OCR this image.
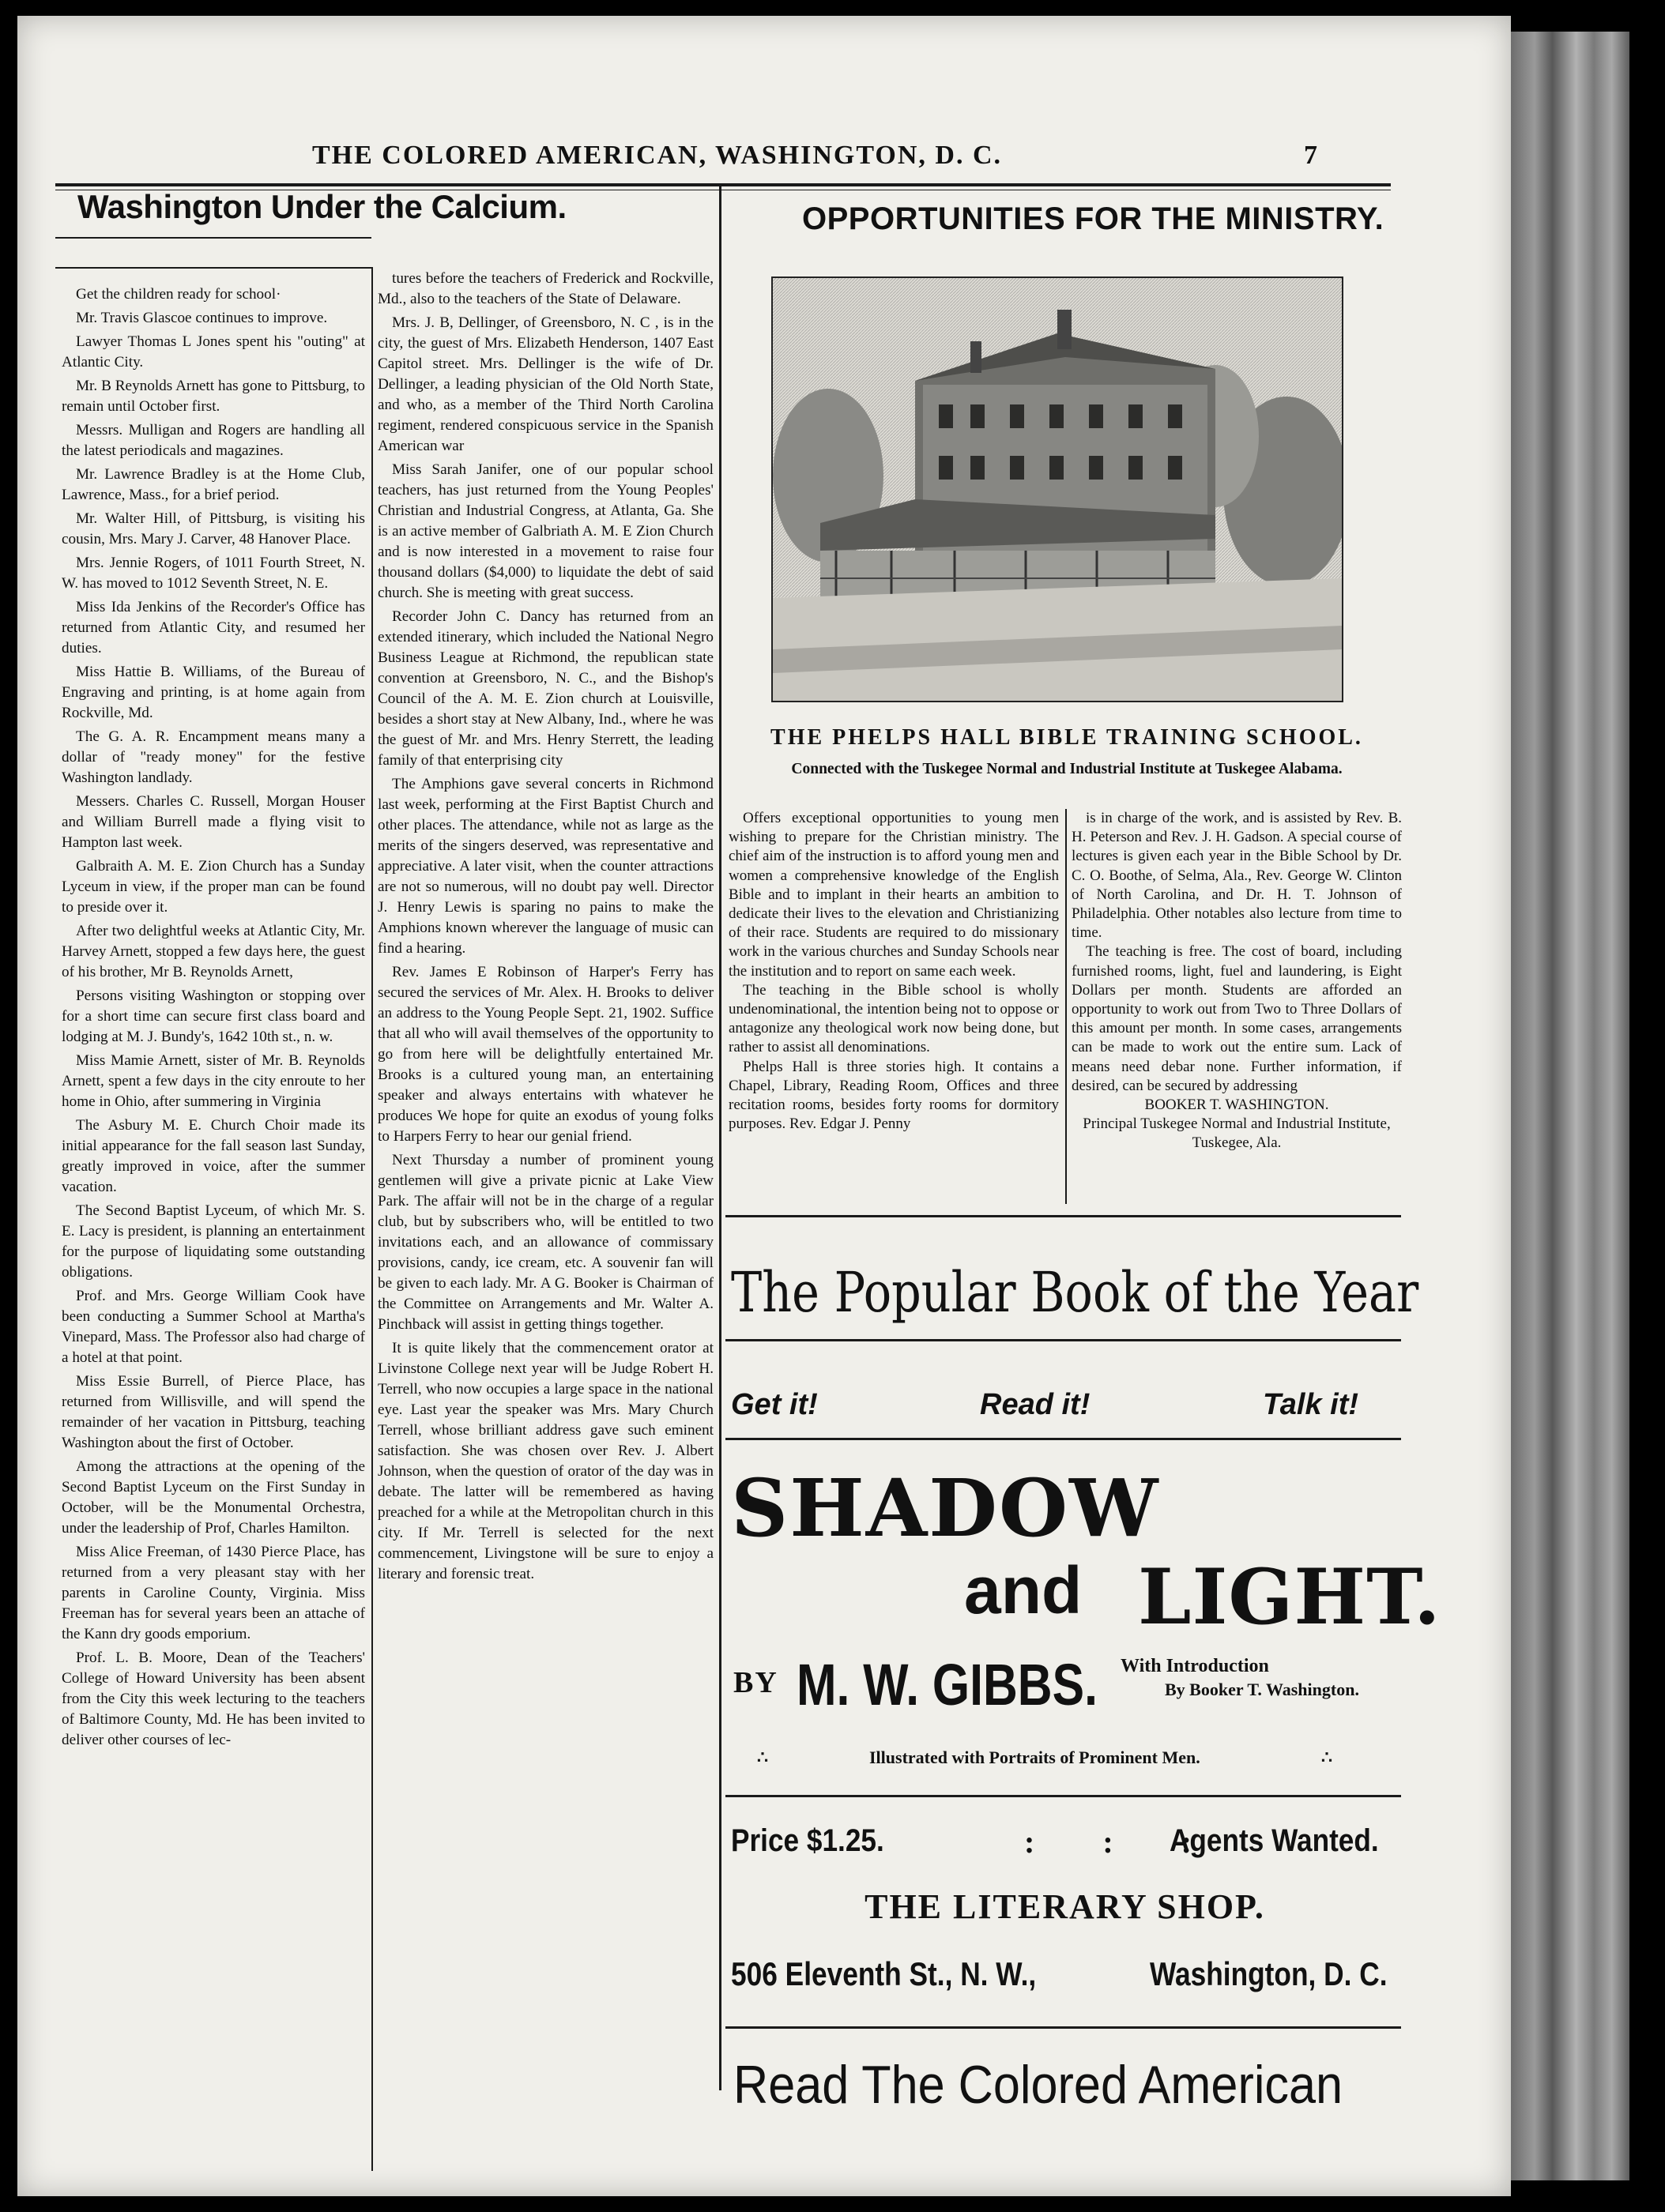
THE COLORED AMERICAN, WASHINGTON, D. C.	7
Washington Under the Calcium.

Get the children ready for school·

Mr. Travis Glascoe continues to improve.

Lawyer Thomas L Jones spent his "outing" at Atlantic City.

Mr. B Reynolds Arnett has gone to Pittsburg, to remain until October first.

Messrs. Mulligan and Rogers are handling all the latest periodicals and magazines.

Mr. Lawrence Bradley is at the Home Club, Lawrence, Mass., for a brief period.

Mr. Walter Hill, of Pittsburg, is visiting his cousin, Mrs. Mary J. Carver, 48 Hanover Place.

Mrs. Jennie Rogers, of 1011 Fourth Street, N. W. has moved to 1012 Seventh Street, N. E.

Miss Ida Jenkins of the Recorder's Office has returned from Atlantic City, and resumed her duties.

Miss Hattie B. Williams, of the Bureau of Engraving and printing, is at home again from Rockville, Md.

The G. A. R. Encampment means many a dollar of "ready money" for the festive Washington landlady.

Messers. Charles C. Russell, Morgan Houser and William Burrell made a flying visit to Hampton last week.

Galbraith A. M. E. Zion Church has a Sunday Lyceum in view, if the proper man can be found to preside over it.

After two delightful weeks at Atlantic City, Mr. Harvey Arnett, stopped a few days here, the guest of his brother, Mr B. Reynolds Arnett,

Persons visiting Washington or stopping over for a short time can secure first class board and lodging at M. J. Bundy's, 1642 10th st., n. w.

Miss Mamie Arnett, sister of Mr. B. Reynolds Arnett, spent a few days in the city enroute to her home in Ohio, after summering in Virginia

The Asbury M. E. Church Choir made its initial appearance for the fall season last Sunday, greatly improved in voice, after the summer vacation.

The Second Baptist Lyceum, of which Mr. S. E. Lacy is president, is planning an entertainment for the purpose of liquidating some outstanding obligations.

Prof. and Mrs. George William Cook have been conducting a Summer School at Martha's Vinepard, Mass. The Professor also had charge of a hotel at that point.

Miss Essie Burrell, of Pierce Place, has returned from Willisville, and will spend the remainder of her vacation in Pittsburg, teaching Washington about the first of October.

Among the attractions at the opening of the Second Baptist Lyceum on the First Sunday in October, will be the Monumental Orchestra, under the leadership of Prof, Charles Hamilton.

Miss Alice Freeman, of 1430 Pierce Place, has returned from a very pleasant stay with her parents in Caroline County, Virginia. Miss Freeman has for several years been an attache of the Kann dry goods emporium.

Prof. L. B. Moore, Dean of the Teachers' College of Howard University has been absent from the City this week lecturing to the teachers of Baltimore County, Md. He has been invited to deliver other courses of lec-

tures before the teachers of Frederick and Rockville, Md., also to the teachers of the State of Delaware.

Mrs. J. B, Dellinger, of Greensboro, N. C , is in the city, the guest of Mrs. Elizabeth Henderson, 1407 East Capitol street. Mrs. Dellinger is the wife of Dr. Dellinger, a leading physician of the Old North State, and who, as a member of the Third North Carolina regiment, rendered conspicuous service in the Spanish American war

Miss Sarah Janifer, one of our popular school teachers, has just returned from the Young Peoples' Christian and Industrial Congress, at Atlanta, Ga. She is an active member of Galbriath A. M. E Zion Church and is now interested in a movement to raise four thousand dollars ($4,000) to liquidate the debt of said church. She is meeting with great success.

Recorder John C. Dancy has returned from an extended itinerary, which included the National Negro Business League at Richmond, the republican state convention at Greensboro, N. C., and the Bishop's Council of the A. M. E. Zion church at Louisville, besides a short stay at New Albany, Ind., where he was the guest of Mr. and Mrs. Henry Sterrett, the leading family of that enterprising city

The Amphions gave several concerts in Richmond last week, performing at the First Baptist Church and other places. The attendance, while not as large as the merits of the singers deserved, was representative and appreciative. A later visit, when the counter attractions are not so numerous, will no doubt pay well. Director J. Henry Lewis is sparing no pains to make the Amphions known wherever the language of music can find a hearing.

Rev. James E Robinson of Harper's Ferry has secured the services of Mr. Alex. H. Brooks to deliver an address to the Young People Sept. 21, 1902. Suffice that all who will avail themselves of the opportunity to go from here will be delightfully entertained Mr. Brooks is a cultured young man, an entertaining speaker and always entertains with whatever he produces We hope for quite an exodus of young folks to Harpers Ferry to hear our genial friend.

Next Thursday a number of prominent young gentlemen will give a private picnic at Lake View Park. The affair will not be in the charge of a regular club, but by subscribers who, will be entitled to two invitations each, and an allowance of commissary provisions, candy, ice cream, etc. A souvenir fan will be given to each lady. Mr. A G. Booker is Chairman of the Committee on Arrangements and Mr. Walter A. Pinchback will assist in getting things together.

It is quite likely that the commencement orator at Livinstone College next year will be Judge Robert H. Terrell, who now occupies a large space in the national eye. Last year the speaker was Mrs. Mary Church Terrell, whose brilliant address gave such eminent satisfaction. She was chosen over Rev. J. Albert Johnson, when the question of orator of the day was in debate. The latter will be remembered as having preached for a while at the Metropolitan church in this city. If Mr. Terrell is selected for the next commencement, Livingstone will be sure to enjoy a literary and forensic treat.

OPPORTUNITIES FOR THE MINISTRY.
THE PHELPS HALL BIBLE TRAINING SCHOOL.
Connected with the Tuskegee Normal and Industrial Institute at Tuskegee Alabama.

Offers exceptional opportunities to young men wishing to prepare for the Christian ministry. The chief aim of the instruction is to afford young men and women a comprehensive knowledge of the English Bible and to implant in their hearts an ambition to dedicate their lives to the elevation and Christianizing of their race. Students are required to do missionary work in the various churches and Sunday Schools near the institution and to report on same each week.

The teaching in the Bible school is wholly undenominational, the intention being not to oppose or antagonize any theological work now being done, but rather to assist all denominations.

Phelps Hall is three stories high. It contains a Chapel, Library, Reading Room, Offices and three recitation rooms, besides forty rooms for dormitory purposes. Rev. Edgar J. Penny

is in charge of the work, and is assisted by Rev. B. H. Peterson and Rev. J. H. Gadson. A special course of lectures is given each year in the Bible School by Dr. C. O. Boothe, of Selma, Ala., Rev. George W. Clinton of North Carolina, and Dr. H. T. Johnson of Philadelphia. Other notables also lecture from time to time.

The teaching is free. The cost of board, including furnished rooms, light, fuel and laundering, is Eight Dollars per month. Students are afforded an opportunity to work out from Two to Three Dollars of this amount per month. In some cases, arrangements can be made to work out the entire sum. Lack of means need debar none. Further information, if desired, can be secured by addressing

BOOKER T. WASHINGTON.

Principal Tuskegee Normal and Industrial Institute, Tuskegee, Ala.

The Popular Book of the Year
Get it!	Read it!	Talk it!
SHADOW
and LIGHT.
BY M. W. GIBBS. With Introduction
By Booker T. Washington.
∴	Illustrated with Portraits of Prominent Men.	∴
Price $1.25.	: : :
Agents Wanted.
THE LITERARY SHOP.
506 Eleventh St., N. W.,	Washington, D. C.
Read The Colored American
